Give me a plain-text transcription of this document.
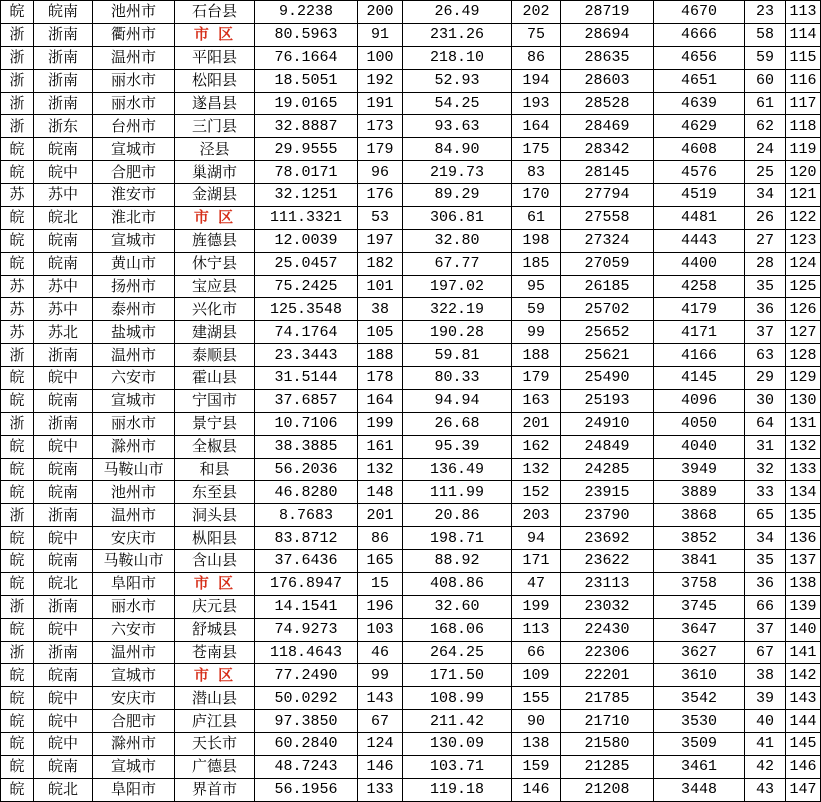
皖	皖南	池州市	石台县	9.2238	200	26.49	202	28719	4670	23	113
浙	浙南	衢州市	市 区	80.5963	91	231.26	75	28694	4666	58	114
浙	浙南	温州市	平阳县	76.1664	100	218.10	86	28635	4656	59	115
浙	浙南	丽水市	松阳县	18.5051	192	52.93	194	28603	4651	60	116
浙	浙南	丽水市	遂昌县	19.0165	191	54.25	193	28528	4639	61	117
浙	浙东	台州市	三门县	32.8887	173	93.63	164	28469	4629	62	118
皖	皖南	宣城市	泾县	29.9555	179	84.90	175	28342	4608	24	119
皖	皖中	合肥市	巢湖市	78.0171	96	219.73	83	28145	4576	25	120
苏	苏中	淮安市	金湖县	32.1251	176	89.29	170	27794	4519	34	121
皖	皖北	淮北市	市 区	111.3321	53	306.81	61	27558	4481	26	122
皖	皖南	宣城市	旌德县	12.0039	197	32.80	198	27324	4443	27	123
皖	皖南	黄山市	休宁县	25.0457	182	67.77	185	27059	4400	28	124
苏	苏中	扬州市	宝应县	75.2425	101	197.02	95	26185	4258	35	125
苏	苏中	泰州市	兴化市	125.3548	38	322.19	59	25702	4179	36	126
苏	苏北	盐城市	建湖县	74.1764	105	190.28	99	25652	4171	37	127
浙	浙南	温州市	泰顺县	23.3443	188	59.81	188	25621	4166	63	128
皖	皖中	六安市	霍山县	31.5144	178	80.33	179	25490	4145	29	129
皖	皖南	宣城市	宁国市	37.6857	164	94.94	163	25193	4096	30	130
浙	浙南	丽水市	景宁县	10.7106	199	26.68	201	24910	4050	64	131
皖	皖中	滁州市	全椒县	38.3885	161	95.39	162	24849	4040	31	132
皖	皖南	马鞍山市	和县	56.2036	132	136.49	132	24285	3949	32	133
皖	皖南	池州市	东至县	46.8280	148	111.99	152	23915	3889	33	134
浙	浙南	温州市	洞头县	8.7683	201	20.86	203	23790	3868	65	135
皖	皖中	安庆市	枞阳县	83.8712	86	198.71	94	23692	3852	34	136
皖	皖南	马鞍山市	含山县	37.6436	165	88.92	171	23622	3841	35	137
皖	皖北	阜阳市	市 区	176.8947	15	408.86	47	23113	3758	36	138
浙	浙南	丽水市	庆元县	14.1541	196	32.60	199	23032	3745	66	139
皖	皖中	六安市	舒城县	74.9273	103	168.06	113	22430	3647	37	140
浙	浙南	温州市	苍南县	118.4643	46	264.25	66	22306	3627	67	141
皖	皖南	宣城市	市 区	77.2490	99	171.50	109	22201	3610	38	142
皖	皖中	安庆市	潜山县	50.0292	143	108.99	155	21785	3542	39	143
皖	皖中	合肥市	庐江县	97.3850	67	211.42	90	21710	3530	40	144
皖	皖中	滁州市	天长市	60.2840	124	130.09	138	21580	3509	41	145
皖	皖南	宣城市	广德县	48.7243	146	103.71	159	21285	3461	42	146
皖	皖北	阜阳市	界首市	56.1956	133	119.18	146	21208	3448	43	147
